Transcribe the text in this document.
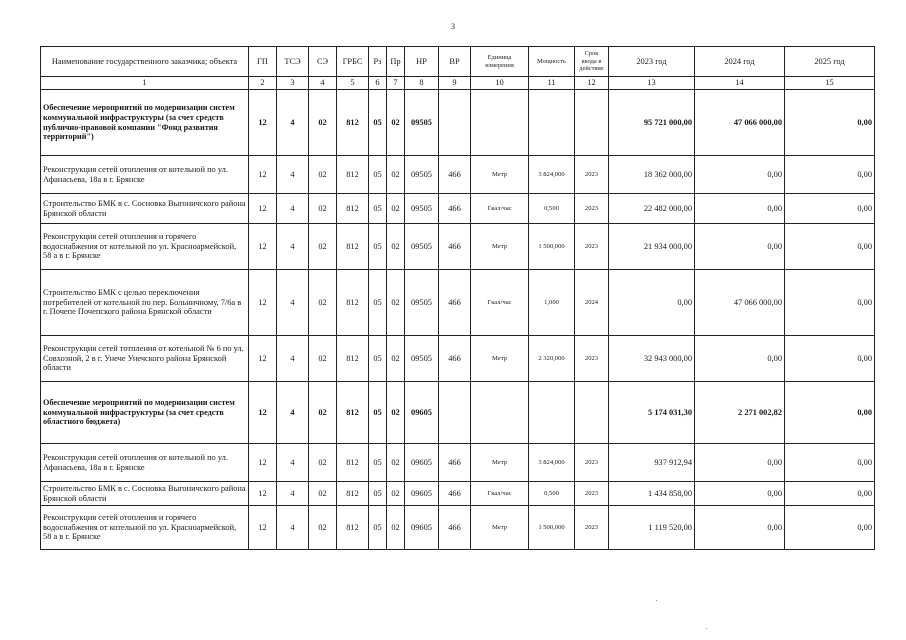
3
Наименование государственного заказчика; объекта	ГП	ТСЭ	СЭ	ГРБС	Рз	Пр	НР	ВР	Единица измерения	Мощность	Срок ввода в действие	2023 год	2024 год	2025 год
1	2	3	4	5	6	7	8	9	10	11	12	13	14	15
Обеспечение мероприятий по модернизации систем коммунальной инфраструктуры (за счет средств публично-правовой компании "Фонд развития территорий")	12	4	02	812	05	02	09505					95 721 000,00	47 066 000,00	0,00
Реконструкция сетей отопления от котельной по ул. Афанасьева, 18а в г. Брянске	12	4	02	812	05	02	09505	466	Метр	3 824,000	2023	18 362 000,00	0,00	0,00
Строительство БМК в с. Сосновка Выгоничского района Брянской области	12	4	02	812	05	02	09505	466	Гкал/час	0,500	2023	22 482 000,00	0,00	0,00
Реконструкция сетей отопления и горячего водоснабжения от котельной по ул. Красноармейской, 58 а в г. Брянске	12	4	02	812	05	02	09505	466	Метр	1 500,000	2023	21 934 000,00	0,00	0,00
Строительство БМК с целью переключения потребителей от котельной по пер. Больничному, 7/6а в г. Почепе Почепского района Брянской области	12	4	02	812	05	02	09505	466	Гкал/час	1,000	2024	0,00	47 066 000,00	0,00
Реконструкция сетей тотпления от котельной № 6 по ул. Совхозной, 2 в г. Унече Унечского района Брянской области	12	4	02	812	05	02	09505	466	Метр	2 320,000	2023	32 943 000,00	0,00	0,00
Обеспечение мероприятий по модернизации систем коммунальной инфраструктуры (за счет средств областного бюджета)	12	4	02	812	05	02	09605					5 174 031,30	2 271 002,82	0,00
Реконструкция сетей отопления от котельной по ул. Афанасьева, 18а в г. Брянске	12	4	02	812	05	02	09605	466	Метр	3 824,000	2023	937 912,94	0,00	0,00
Строительство БМК в с. Сосновка Выгоничского района Брянской области	12	4	02	812	05	02	09605	466	Гкал/час	0,500	2023	1 434 858,00	0,00	0,00
Реконструкция сетей отопления и горячего водоснабжения от котельной по ул. Красноармейской, 58 а в г. Брянске	12	4	02	812	05	02	09605	466	Метр	1 500,000	2023	1 119 520,00	0,00	0,00
